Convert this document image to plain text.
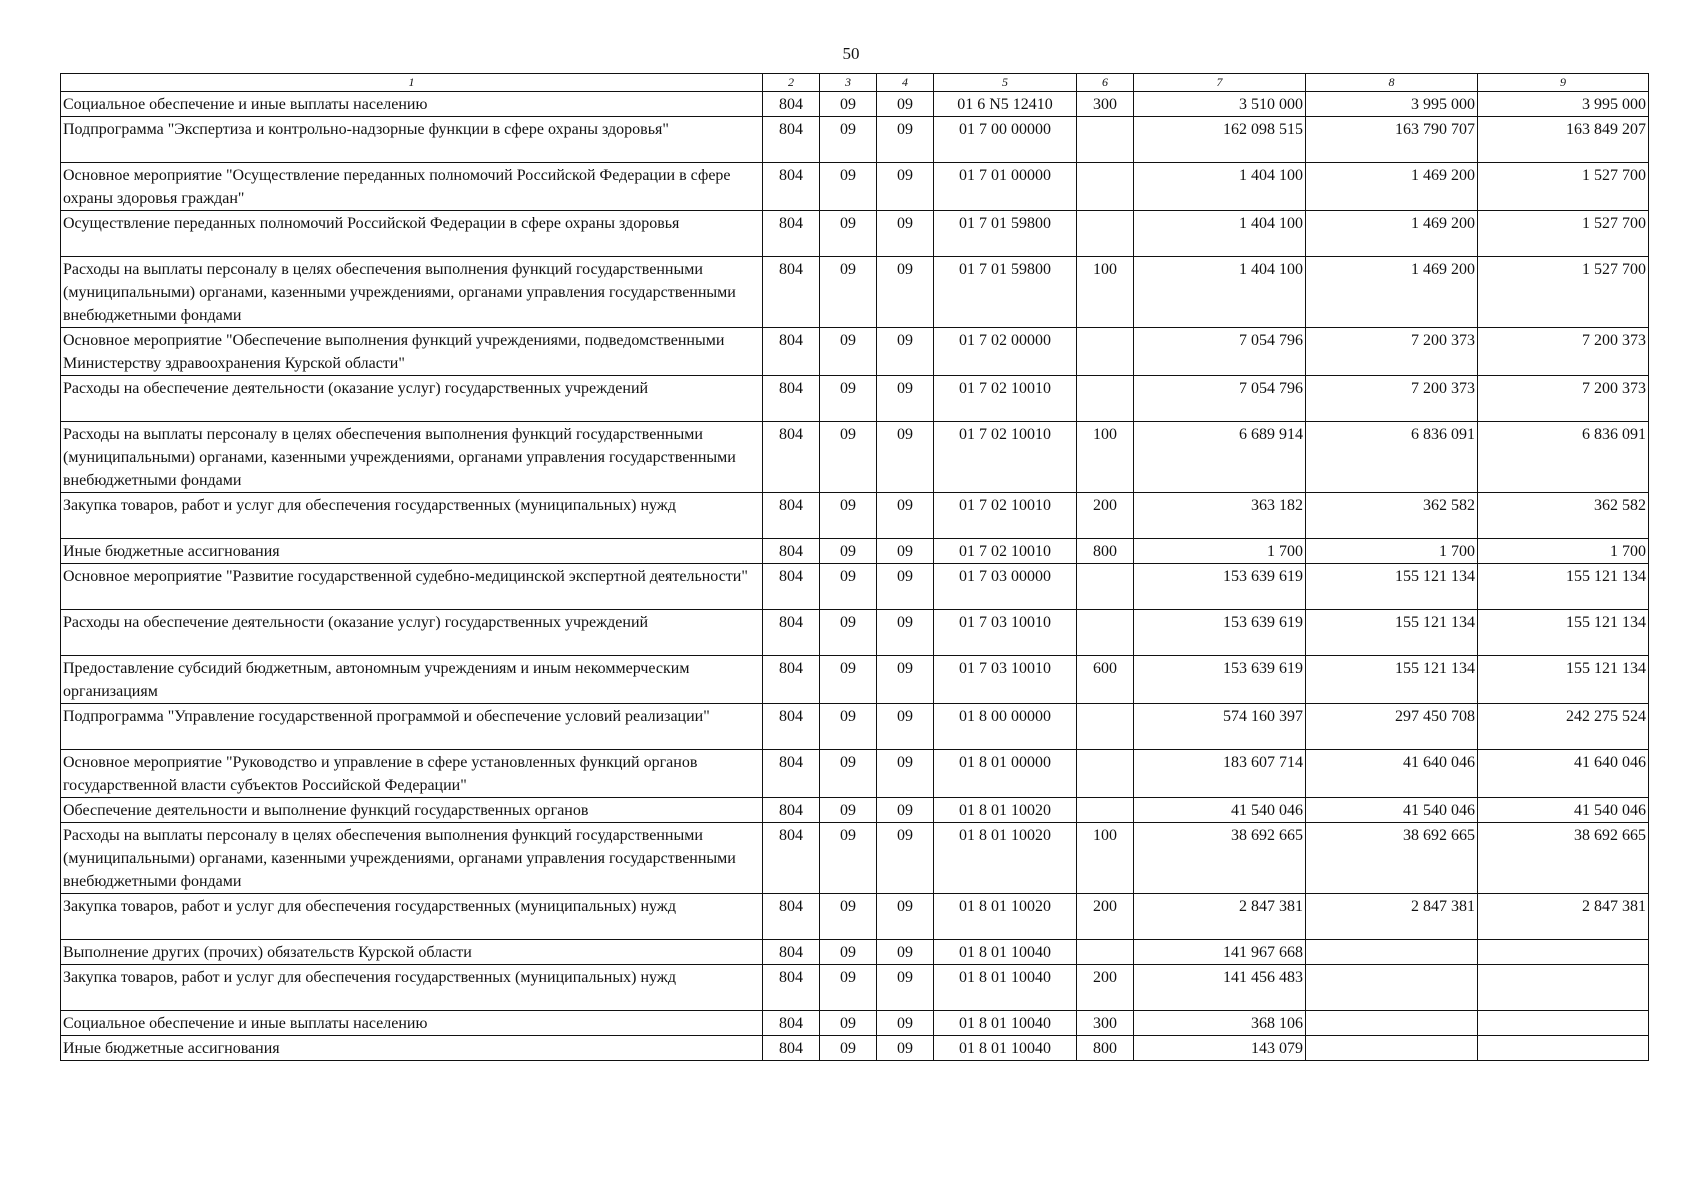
50
1	2	3	4	5	6	7	8	9
Социальное обеспечение и иные выплаты населению	804	09	09	01 6 N5 12410	300	3 510 000	3 995 000	3 995 000
Подпрограмма "Экспертиза и контрольно-надзорные функции в сфере охраны здоровья"	804	09	09	01 7 00 00000		162 098 515	163 790 707	163 849 207
Основное мероприятие "Осуществление переданных полномочий Российской Федерации в сфере охраны здоровья граждан"	804	09	09	01 7 01 00000		1 404 100	1 469 200	1 527 700
Осуществление переданных полномочий Российской Федерации в сфере охраны здоровья	804	09	09	01 7 01 59800		1 404 100	1 469 200	1 527 700
Расходы на выплаты персоналу в целях обеспечения выполнения функций государственными (муниципальными) органами, казенными учреждениями, органами управления государственными внебюджетными фондами	804	09	09	01 7 01 59800	100	1 404 100	1 469 200	1 527 700
Основное мероприятие "Обеспечение выполнения функций учреждениями, подведомственными Министерству здравоохранения Курской области"	804	09	09	01 7 02 00000		7 054 796	7 200 373	7 200 373
Расходы на обеспечение деятельности (оказание услуг) государственных учреждений	804	09	09	01 7 02 10010		7 054 796	7 200 373	7 200 373
Расходы на выплаты персоналу в целях обеспечения выполнения функций государственными (муниципальными) органами, казенными учреждениями, органами управления государственными внебюджетными фондами	804	09	09	01 7 02 10010	100	6 689 914	6 836 091	6 836 091
Закупка товаров, работ и услуг для обеспечения государственных (муниципальных) нужд	804	09	09	01 7 02 10010	200	363 182	362 582	362 582
Иные бюджетные ассигнования	804	09	09	01 7 02 10010	800	1 700	1 700	1 700
Основное мероприятие "Развитие государственной судебно-медицинской экспертной деятельности"	804	09	09	01 7 03 00000		153 639 619	155 121 134	155 121 134
Расходы на обеспечение деятельности (оказание услуг) государственных учреждений	804	09	09	01 7 03 10010		153 639 619	155 121 134	155 121 134
Предоставление субсидий бюджетным, автономным учреждениям и иным некоммерческим организациям	804	09	09	01 7 03 10010	600	153 639 619	155 121 134	155 121 134
Подпрограмма "Управление государственной программой и обеспечение условий реализации"	804	09	09	01 8 00 00000		574 160 397	297 450 708	242 275 524
Основное мероприятие "Руководство и управление в сфере установленных функций органов государственной власти субъектов Российской Федерации"	804	09	09	01 8 01 00000		183 607 714	41 640 046	41 640 046
Обеспечение деятельности и выполнение функций государственных органов	804	09	09	01 8 01 10020		41 540 046	41 540 046	41 540 046
Расходы на выплаты персоналу в целях обеспечения выполнения функций государственными (муниципальными) органами, казенными учреждениями, органами управления государственными внебюджетными фондами	804	09	09	01 8 01 10020	100	38 692 665	38 692 665	38 692 665
Закупка товаров, работ и услуг для обеспечения государственных (муниципальных) нужд	804	09	09	01 8 01 10020	200	2 847 381	2 847 381	2 847 381
Выполнение других (прочих) обязательств Курской области	804	09	09	01 8 01 10040		141 967 668		
Закупка товаров, работ и услуг для обеспечения государственных (муниципальных) нужд	804	09	09	01 8 01 10040	200	141 456 483		
Социальное обеспечение и иные выплаты населению	804	09	09	01 8 01 10040	300	368 106		
Иные бюджетные ассигнования	804	09	09	01 8 01 10040	800	143 079		
